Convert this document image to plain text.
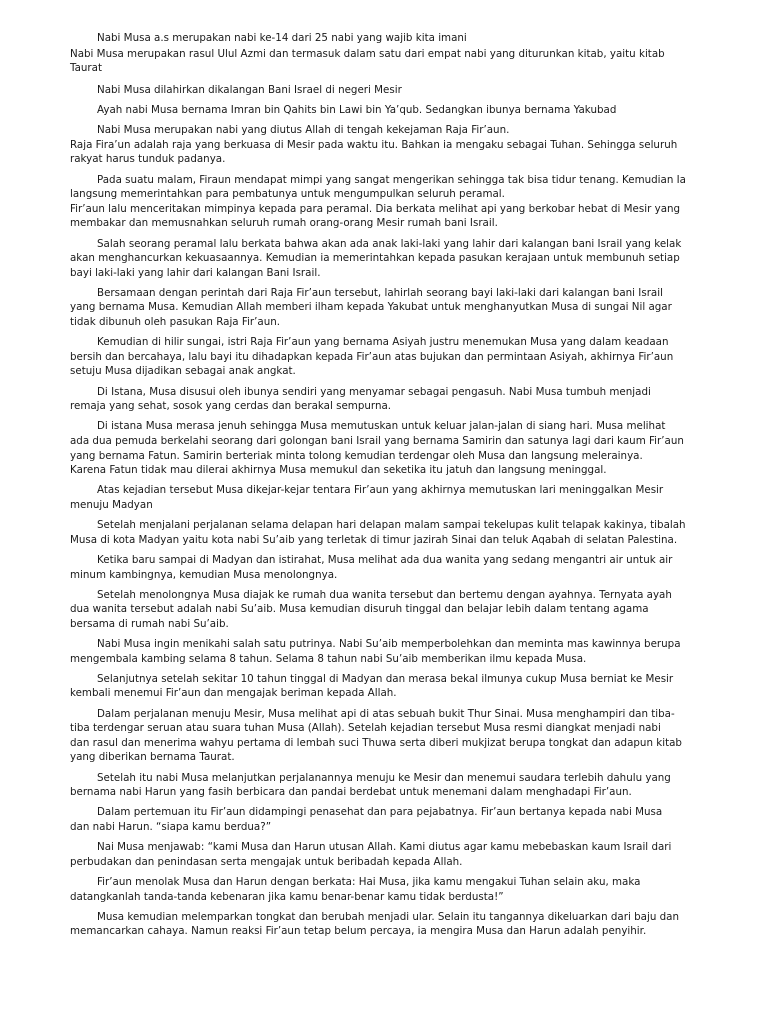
Nabi Musa a.s merupakan nabi ke-14 dari 25 nabi yang wajib kita imani

Nabi Musa merupakan rasul Ulul Azmi dan termasuk dalam satu dari empat nabi yang diturunkan kitab, yaitu kitab
Taurat

Nabi Musa dilahirkan dikalangan Bani Israel di negeri Mesir

Ayah nabi Musa bernama Imran bin Qahits bin Lawi bin Ya’qub. Sedangkan ibunya bernama Yakubad

Nabi Musa merupakan nabi yang diutus Allah di tengah kekejaman Raja Fir’aun.
Raja Fira’un adalah raja yang berkuasa di Mesir pada waktu itu. Bahkan ia mengaku sebagai Tuhan. Sehingga seluruh
rakyat harus tunduk padanya.

Pada suatu malam, Firaun mendapat mimpi yang sangat mengerikan sehingga tak bisa tidur tenang. Kemudian Ia
langsung memerintahkan para pembatunya untuk mengumpulkan seluruh peramal.
Fir’aun lalu menceritakan mimpinya kepada para peramal. Dia berkata melihat api yang berkobar hebat di Mesir yang
membakar dan memusnahkan seluruh rumah orang-orang Mesir rumah bani Israil.

Salah seorang peramal lalu berkata bahwa akan ada anak laki-laki yang lahir dari kalangan bani Israil yang kelak
akan menghancurkan kekuasaannya. Kemudian ia memerintahkan kepada pasukan kerajaan untuk membunuh setiap
bayi laki-laki yang lahir dari kalangan Bani Israil.

Bersamaan dengan perintah dari Raja Fir’aun tersebut, lahirlah seorang bayi laki-laki dari kalangan bani Israil
yang bernama Musa. Kemudian Allah memberi ilham kepada Yakubat untuk menghanyutkan Musa di sungai Nil agar
tidak dibunuh oleh pasukan Raja Fir’aun.

Kemudian di hilir sungai, istri Raja Fir’aun yang bernama Asiyah justru menemukan Musa yang dalam keadaan
bersih dan bercahaya, lalu bayi itu dihadapkan kepada Fir’aun atas bujukan dan permintaan Asiyah, akhirnya Fir’aun
setuju Musa dijadikan sebagai anak angkat.

Di Istana, Musa disusui oleh ibunya sendiri yang menyamar sebagai pengasuh. Nabi Musa tumbuh menjadi
remaja yang sehat, sosok yang cerdas dan berakal sempurna.

Di istana Musa merasa jenuh sehingga Musa memutuskan untuk keluar jalan-jalan di siang hari. Musa melihat
ada dua pemuda berkelahi seorang dari golongan bani Israil yang bernama Samirin dan satunya lagi dari kaum Fir’aun
yang bernama Fatun. Samirin berteriak minta tolong kemudian terdengar oleh Musa dan langsung melerainya.
Karena Fatun tidak mau dilerai akhirnya Musa memukul dan seketika itu jatuh dan langsung meninggal.

Atas kejadian tersebut Musa dikejar-kejar tentara Fir’aun yang akhirnya memutuskan lari meninggalkan Mesir
menuju Madyan

Setelah menjalani perjalanan selama delapan hari delapan malam sampai tekelupas kulit telapak kakinya, tibalah
Musa di kota Madyan yaitu kota nabi Su’aib yang terletak di timur jazirah Sinai dan teluk Aqabah di selatan Palestina.

Ketika baru sampai di Madyan dan istirahat, Musa melihat ada dua wanita yang sedang mengantri air untuk air
minum kambingnya, kemudian Musa menolongnya.

Setelah menolongnya Musa diajak ke rumah dua wanita tersebut dan bertemu dengan ayahnya. Ternyata ayah
dua wanita tersebut adalah nabi Su’aib. Musa kemudian disuruh tinggal dan belajar lebih dalam tentang agama
bersama di rumah nabi Su’aib.

Nabi Musa ingin menikahi salah satu putrinya. Nabi Su’aib memperbolehkan dan meminta mas kawinnya berupa
mengembala kambing selama 8 tahun. Selama 8 tahun nabi Su’aib memberikan ilmu kepada Musa.

Selanjutnya setelah sekitar 10 tahun tinggal di Madyan dan merasa bekal ilmunya cukup Musa berniat ke Mesir
kembali menemui Fir’aun dan mengajak beriman kepada Allah.

Dalam perjalanan menuju Mesir, Musa melihat api di atas sebuah bukit Thur Sinai. Musa menghampiri dan tiba-
tiba terdengar seruan atau suara tuhan Musa (Allah). Setelah kejadian tersebut Musa resmi diangkat menjadi nabi
dan rasul dan menerima wahyu pertama di lembah suci Thuwa serta diberi mukjizat berupa tongkat dan adapun kitab
yang diberikan bernama Taurat.

Setelah itu nabi Musa melanjutkan perjalanannya menuju ke Mesir dan menemui saudara terlebih dahulu yang
bernama nabi Harun yang fasih berbicara dan pandai berdebat untuk menemani dalam menghadapi Fir’aun.

Dalam pertemuan itu Fir’aun didampingi penasehat dan para pejabatnya. Fir’aun bertanya kepada nabi Musa
dan nabi Harun. “siapa kamu berdua?”

Nai Musa menjawab: “kami Musa dan Harun utusan Allah. Kami diutus agar kamu mebebaskan kaum Israil dari
perbudakan dan penindasan serta mengajak untuk beribadah kepada Allah.

Fir’aun menolak Musa dan Harun dengan berkata: Hai Musa, jika kamu mengakui Tuhan selain aku, maka
datangkanlah tanda-tanda kebenaran jika kamu benar-benar kamu tidak berdusta!”

Musa kemudian melemparkan tongkat dan berubah menjadi ular. Selain itu tangannya dikeluarkan dari baju dan
memancarkan cahaya. Namun reaksi Fir’aun tetap belum percaya, ia mengira Musa dan Harun adalah penyihir.
